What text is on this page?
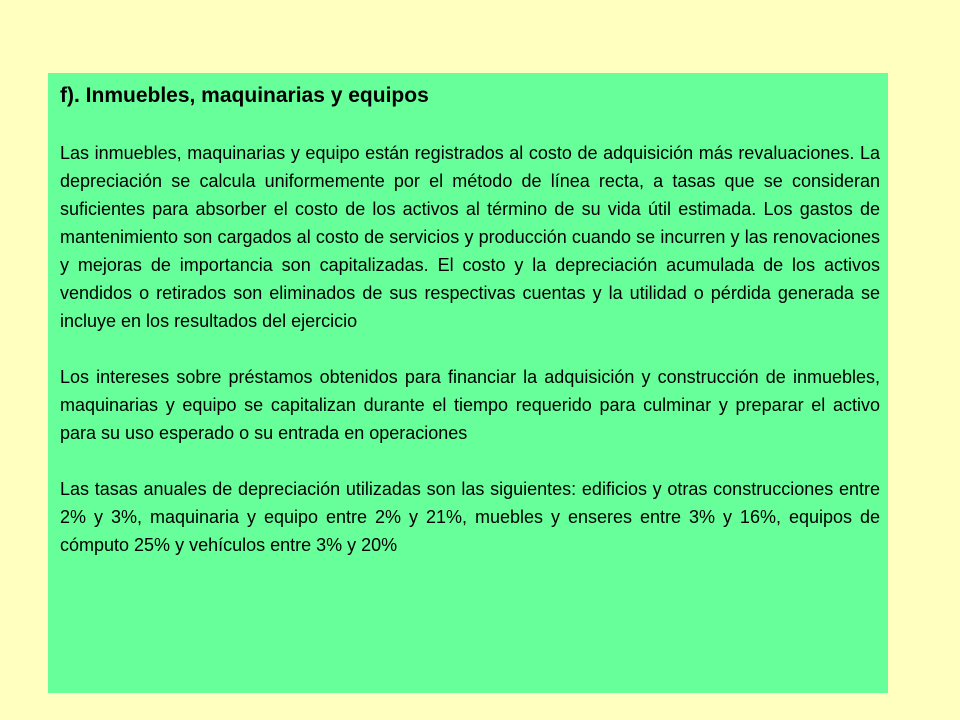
f). Inmuebles, maquinarias y equipos

Las inmuebles, maquinarias y equipo están registrados al costo de adquisición más revaluaciones. La depreciación se calcula uniformemente por el método de línea recta, a tasas que se consideran suficientes para absorber el costo de los activos al término de su vida útil estimada. Los gastos de mantenimiento son cargados al costo de servicios y producción cuando se incurren y las renovaciones y mejoras de importancia son capitalizadas. El costo y la depreciación acumulada de los activos vendidos o retirados son eliminados de sus respectivas cuentas y la utilidad o pérdida generada se incluye en los resultados del ejercicio

Los intereses sobre préstamos obtenidos para financiar la adquisición y construcción de inmuebles, maquinarias y equipo se capitalizan durante el tiempo requerido para culminar y preparar el activo para su uso esperado o su entrada en operaciones

Las tasas anuales de depreciación utilizadas son las siguientes: edificios y otras construcciones entre 2% y 3%, maquinaria y equipo entre 2% y 21%, muebles y enseres entre 3% y 16%, equipos de cómputo 25% y vehículos entre 3% y 20%
